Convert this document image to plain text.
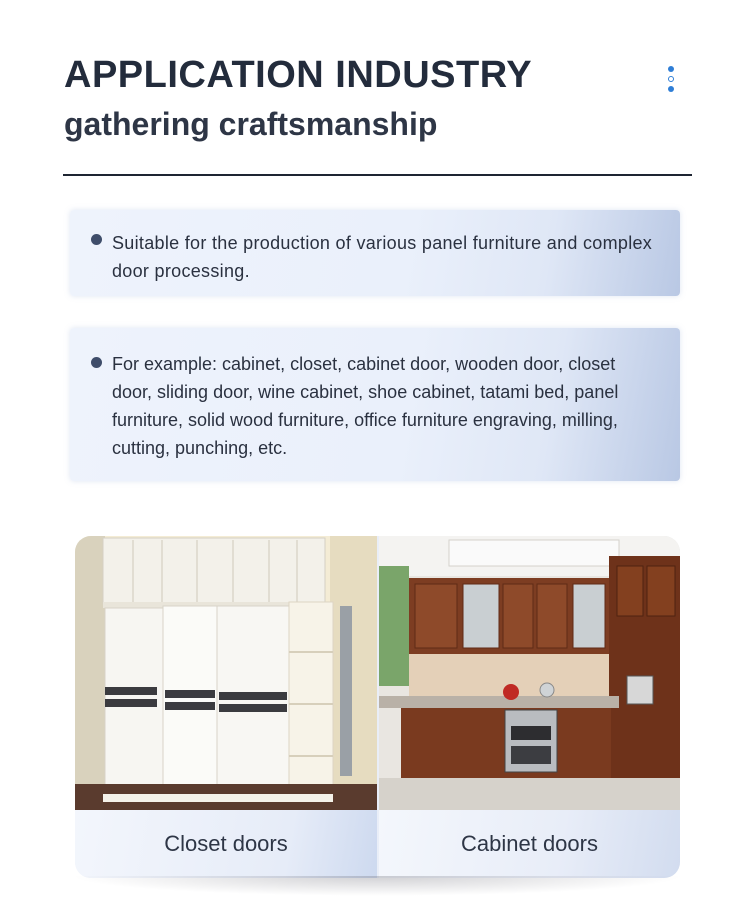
APPLICATION INDUSTRY
gathering craftsmanship

Suitable for the production of various panel furniture and complex door processing.

For example: cabinet, closet, cabinet door, wooden door, closet door, sliding door, wine cabinet, shoe cabinet, tatami bed, panel furniture, solid wood furniture, office furniture engraving, milling, cutting, punching, etc.

Closet doors	Cabinet doors
